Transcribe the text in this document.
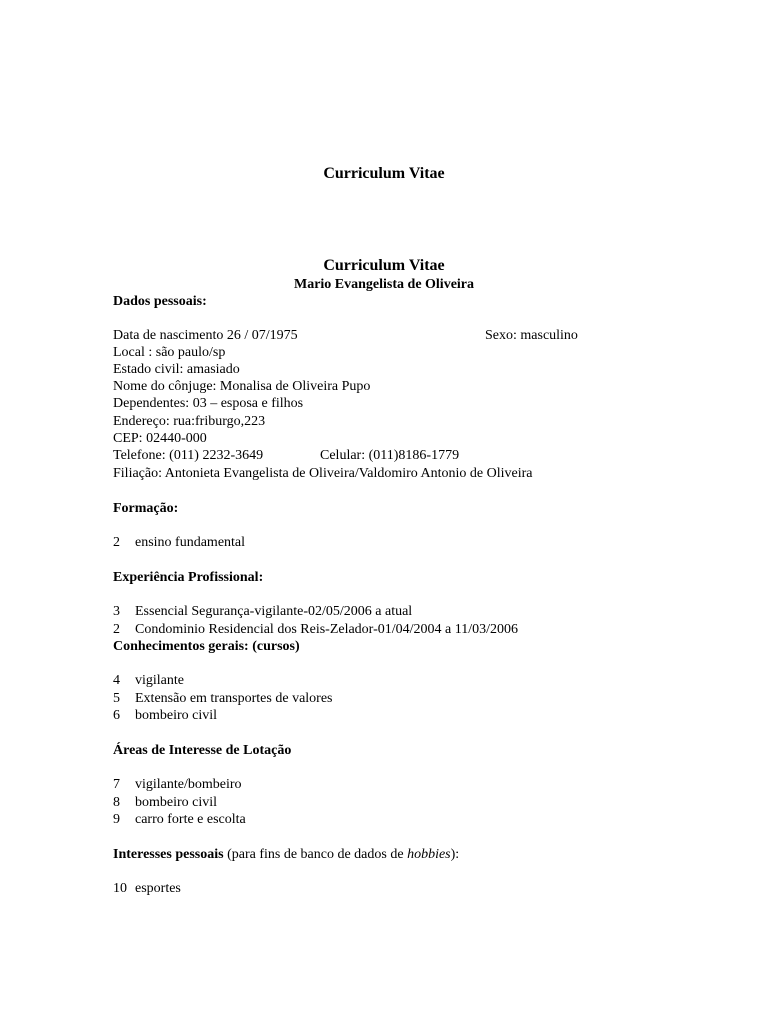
Curriculum Vitae
Curriculum Vitae
Mario Evangelista de Oliveira
Dados pessoais:
Data de nascimento 26 / 07/1975	Sexo: masculino
Local : são paulo/sp
Estado civil: amasiado
Nome do cônjuge: Monalisa de Oliveira Pupo
Dependentes: 03 – esposa e filhos
Endereço: rua:friburgo,223
CEP: 02440-000
Telefone: (011) 2232-3649	Celular: (011)8186-1779
Filiação: Antonieta Evangelista de Oliveira/Valdomiro Antonio de Oliveira
Formação:
2 ensino fundamental
Experiência Profissional:
3 Essencial Segurança-vigilante-02/05/2006 a atual
2 Condominio Residencial dos Reis-Zelador-01/04/2004 a 11/03/2006
Conhecimentos gerais: (cursos)
4 vigilante
5 Extensão em transportes de valores
6 bombeiro civil
Áreas de Interesse de Lotação
7 vigilante/bombeiro
8 bombeiro civil
9 carro forte e escolta
Interesses pessoais (para fins de banco de dados de hobbies):
10 esportes
